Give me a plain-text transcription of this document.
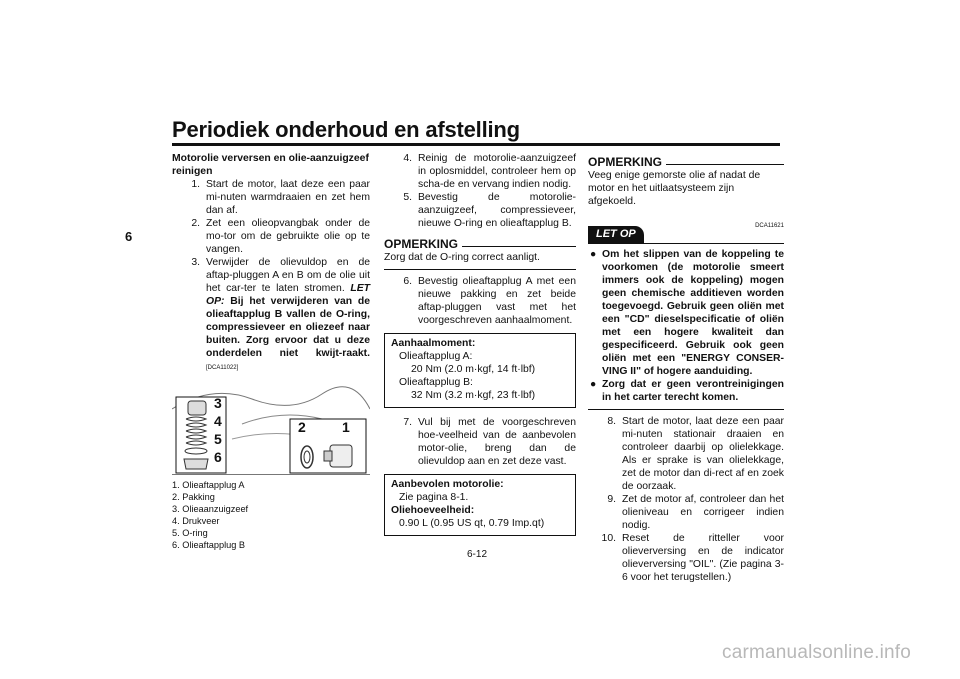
Periodiek onderhoud en afstelling
6
Motorolie verversen en olie-aanzuigzeef reinigen
1. Start de motor, laat deze een paar mi-nuten warmdraaien en zet hem dan af.
2. Zet een olieopvangbak onder de mo-tor om de gebruikte olie op te vangen.
3. Verwijder de olievuldop en de aftap-pluggen A en B om de olie uit het car-ter te laten stromen. LET OP: Bij het verwijderen van de olieaftapplug B vallen de O-ring, compressieveer en oliezeef naar buiten. Zorg ervoor dat u deze onderdelen niet kwijt-raakt. [DCA11022]
3
4
5
6
2	1
1. Olieaftapplug A
2. Pakking
3. Olieaanzuigzeef
4. Drukveer
5. O-ring
6. Olieaftapplug B
4. Reinig de motorolie-aanzuigzeef in oplosmiddel, controleer hem op scha-de en vervang indien nodig.
5. Bevestig de motorolie-aanzuigzeef, compressieveer, nieuwe O-ring en olieaftapplug B.
OPMERKING
Zorg dat de O-ring correct aanligt.
6. Bevestig olieaftapplug A met een nieuwe pakking en zet beide aftap-pluggen vast met het voorgeschreven aanhaalmoment.
Aanhaalmoment:
Olieaftapplug A:
20 Nm (2.0 m·kgf, 14 ft·lbf)
Olieaftapplug B:
32 Nm (3.2 m·kgf, 23 ft·lbf)
7. Vul bij met de voorgeschreven hoe-veelheid van de aanbevolen motor-olie, breng dan de olievuldop aan en zet deze vast.
Aanbevolen motorolie:
Zie pagina 8-1.
Oliehoeveelheid:
0.90 L (0.95 US qt, 0.79 Imp.qt)
OPMERKING
Veeg enige gemorste olie af nadat de motor en het uitlaatsysteem zijn afgekoeld.
LET OP
DCA11621
● Om het slippen van de koppeling te voorkomen (de motorolie smeert immers ook de koppeling) mogen geen chemische additieven worden toegevoegd. Gebruik geen oliën met een "CD" dieselspecificatie of oliën met een hogere kwaliteit dan gespecificeerd. Gebruik ook geen oliën met een "ENERGY CONSER-VING II" of hogere aanduiding.
● Zorg dat er geen verontreinigingen in het carter terecht komen.
8. Start de motor, laat deze een paar mi-nuten stationair draaien en controleer daarbij op olielekkage. Als er sprake is van olielekkage, zet de motor dan di-rect af en zoek de oorzaak.
9. Zet de motor af, controleer dan het olieniveau en corrigeer indien nodig.
10. Reset de ritteller voor olieverversing en de indicator olieverversing "OIL". (Zie pagina 3-6 voor het terugstellen.)
6-12
carmanualsonline.info
